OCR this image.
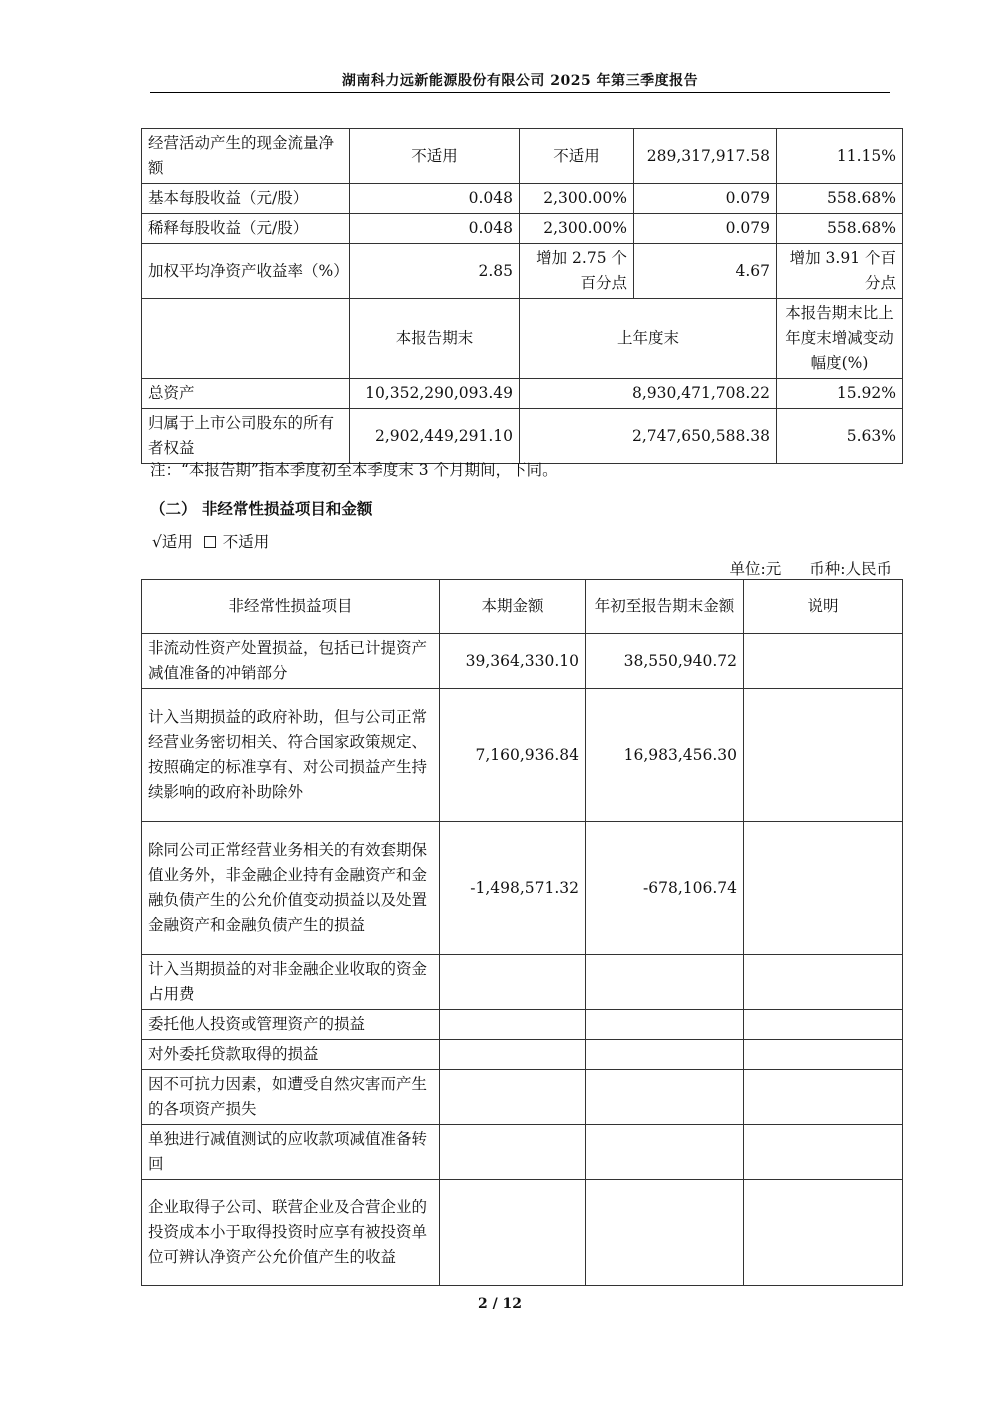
湖南科力远新能源股份有限公司 2025 年第三季度报告
经营活动产生的现金流量净额	不适用	不适用	289,317,917.58	11.15%
基本每股收益（元/股）	0.048	2,300.00%	0.079	558.68%
稀释每股收益（元/股）	0.048	2,300.00%	0.079	558.68%
加权平均净资产收益率（%）	2.85	增加 2.75 个百分点	4.67	增加 3.91 个百分点
	本报告期末	上年度末		本报告期末比上年度末增减变动幅度(%)
总资产	10,352,290,093.49	8,930,471,708.22		15.92%
归属于上市公司股东的所有者权益	2,902,449,291.10	2,747,650,588.38		5.63%
注：“本报告期”指本季度初至本季度末 3 个月期间，下同。
（二） 非经常性损益项目和金额
√适用 不适用
单位:元 币种:人民币
非经常性损益项目	本期金额	年初至报告期末金额	说明
非流动性资产处置损益，包括已计提资产减值准备的冲销部分	39,364,330.10	38,550,940.72	
计入当期损益的政府补助，但与公司正常经营业务密切相关、符合国家政策规定、按照确定的标准享有、对公司损益产生持续影响的政府补助除外	7,160,936.84	16,983,456.30	
除同公司正常经营业务相关的有效套期保值业务外，非金融企业持有金融资产和金融负债产生的公允价值变动损益以及处置金融资产和金融负债产生的损益	-1,498,571.32	-678,106.74	
计入当期损益的对非金融企业收取的资金占用费			
委托他人投资或管理资产的损益			
对外委托贷款取得的损益			
因不可抗力因素，如遭受自然灾害而产生的各项资产损失			
单独进行减值测试的应收款项减值准备转回			
企业取得子公司、联营企业及合营企业的投资成本小于取得投资时应享有被投资单位可辨认净资产公允价值产生的收益			
2 / 12
